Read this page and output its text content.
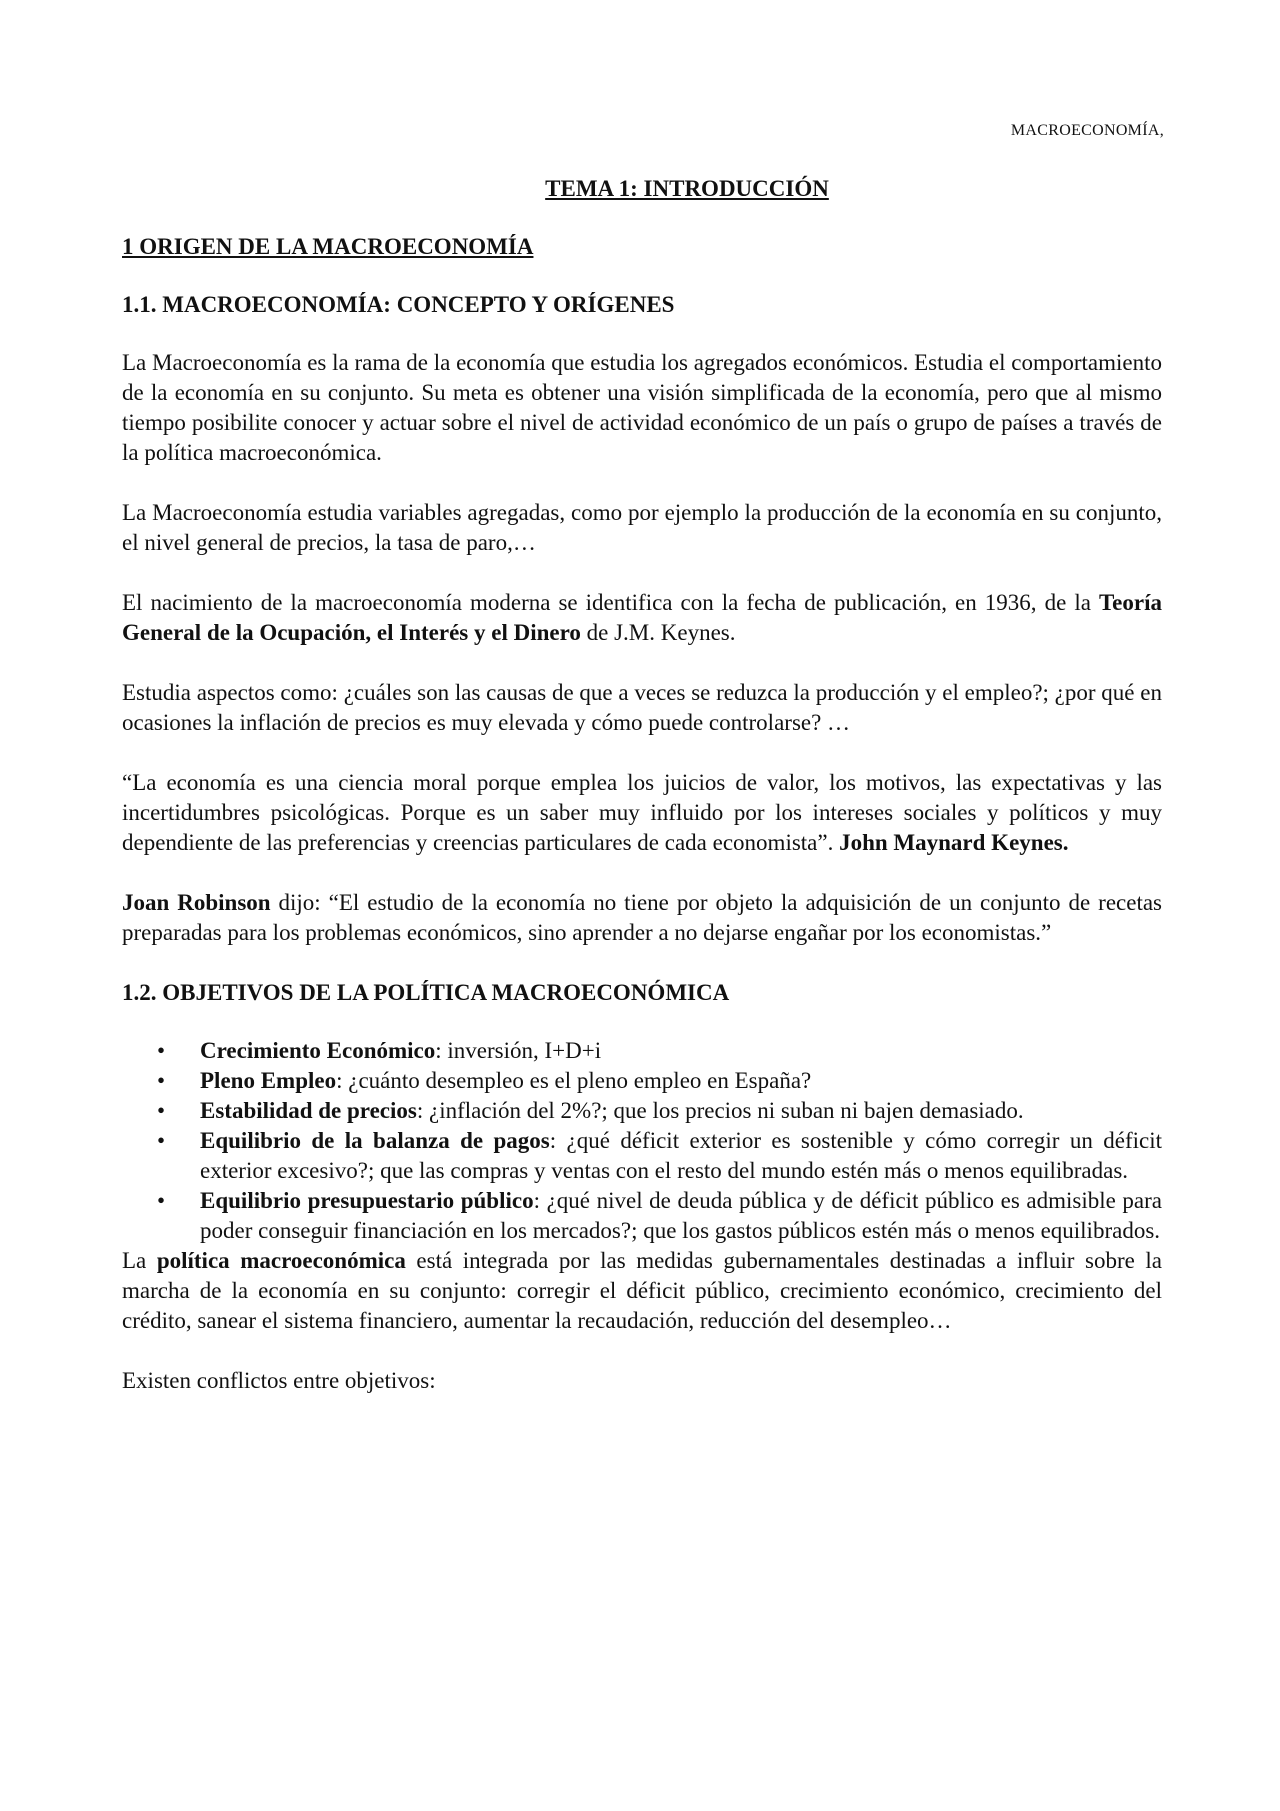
MACROECONOMÍA,
TEMA 1: INTRODUCCIÓN
1 ORIGEN DE LA MACROECONOMÍA
1.1. MACROECONOMÍA: CONCEPTO Y ORÍGENES

La Macroeconomía es la rama de la economía que estudia los agregados económicos. Estudia el comportamiento de la economía en su conjunto. Su meta es obtener una visión simplificada de la economía, pero que al mismo tiempo posibilite conocer y actuar sobre el nivel de actividad económico de un país o grupo de países a través de la política macroeconómica.

La Macroeconomía estudia variables agregadas, como por ejemplo la producción de la economía en su conjunto, el nivel general de precios, la tasa de paro,…

El nacimiento de la macroeconomía moderna se identifica con la fecha de publicación, en 1936, de la Teoría General de la Ocupación, el Interés y el Dinero de J.M. Keynes.

Estudia aspectos como: ¿cuáles son las causas de que a veces se reduzca la producción y el empleo?; ¿por qué en ocasiones la inflación de precios es muy elevada y cómo puede controlarse? …

“La economía es una ciencia moral porque emplea los juicios de valor, los motivos, las expectativas y las incertidumbres psicológicas. Porque es un saber muy influido por los intereses sociales y políticos y muy dependiente de las preferencias y creencias particulares de cada economista”. John Maynard Keynes.

Joan Robinson dijo: “El estudio de la economía no tiene por objeto la adquisición de un conjunto de recetas preparadas para los problemas económicos, sino aprender a no dejarse engañar por los economistas.”

1.2. OBJETIVOS DE LA POLÍTICA MACROECONÓMICA
• Crecimiento Económico: inversión, I+D+i
• Pleno Empleo: ¿cuánto desempleo es el pleno empleo en España?
• Estabilidad de precios: ¿inflación del 2%?; que los precios ni suban ni bajen demasiado.
• Equilibrio de la balanza de pagos: ¿qué déficit exterior es sostenible y cómo corregir un déficit exterior excesivo?; que las compras y ventas con el resto del mundo estén más o menos equilibradas.
• Equilibrio presupuestario público: ¿qué nivel de deuda pública y de déficit público es admisible para poder conseguir financiación en los mercados?; que los gastos públicos estén más o menos equilibrados.

La política macroeconómica está integrada por las medidas gubernamentales destinadas a influir sobre la marcha de la economía en su conjunto: corregir el déficit público, crecimiento económico, crecimiento del crédito, sanear el sistema financiero, aumentar la recaudación, reducción del desempleo…

Existen conflictos entre objetivos:
